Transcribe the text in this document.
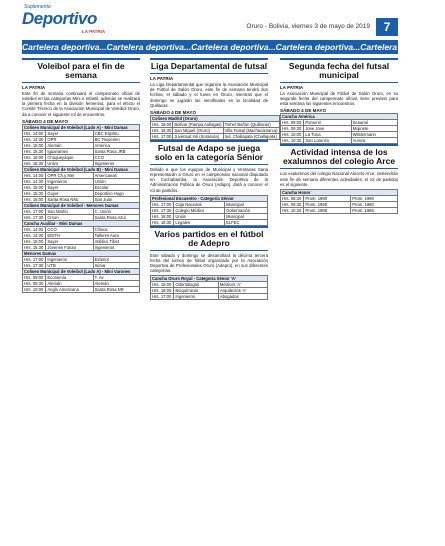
Suplemento
Deportivo
LA PATRIA
Oruro - Bolivia, viernes 3 de mayo de 2019	7
Cartelera deportiva...Cartelera deportiva...Cartelera deportiva...Cartelera deportiva...Cartelera deportiva...
Voleibol para el fin de semana
LA PATRIA
Este fin de semana continuará el campeonato oficial de voleibol en las categorías Mini e Infantil, además se realizará la primera fecha en la división femenina, para el efecto el Comité Técnico de la Asociación Municipal de Voleibol Oruro, da a conocer el siguiente rol de encuentros.
SÁBADO 4 DE MAYO
Coliseo Municipal de Voleibol (Lado A) - Mini Damas		
Hrs. 14:00	Sayer	CBC Espiritu
Hrs. 14:30	OPR	BC Teuvenen
Hrs. 15:00	Alemán	América
Hrs. 15:30	Iguanamex	Santa Rosa JRB
Hrs. 16:00	Choqueyaque	CCO
Hrs. 16:30	Univo	Ingenieros
Coliseo Municipal de Voleibol (Lado B) - Mini Damas		
Hrs. 14:00	OPR Ch.y Mer	Americanas
Hrs. 14:30	Ingenieros	Unión
Hrs. 15:00	Sayer	Escolar
Hrs. 15:30	Guyer	Deportivo Hugo
Hrs. 16:00	Santa Rosa NNL	San Juan
Coliseo Municipal de Voleibol - Menores Damas		
Hrs. 17:00	San Martín	C. Unión
Hrs. 17:30	Cmon	Santa Rosa Azul
Cancha Auxiliar - Mini Damas		
Hrs. 14:00	CCO	Clínica
Hrs. 14:30	EDITH	Talleres Aura
Hrs. 15:00	Sayer	Atlético Tíbet
Hrs. 15:30	Jóvenes Futuro	Ingenieros
Menores Damas		
Hrs. 17:00	Ingenieros	Exterior
Hrs. 17:30	UTB	Iniciar
Coliseo Municipal de Voleibol (Lado A) - Mini Varones		
Hrs. 09:00	Economía	T. Av
Hrs. 09:30	Alemán	Alemán
Hrs. 10:00	Anglo Americano	Santa Rosa NR
Liga Departamental de futsal
LA PATRIA
La Liga Departamental que organiza la Asociación Municipal de Fútbol de Salón Oruro, este fin de semana tendrá dos fechas, el sábado y el lunes en Oruro, mientras que el domingo se jugarán las semifinales en la localidad de Quillacas.
SÁBADO 4 DE MAYO
Coliseo Madrid (Oruro)		
Hrs. 16:00	Bolívar (Pampa Aullagas)	Torres Bañón (Quillacas)
Hrs. 16:30	San Miguel (Oruro)	Villa Futsal (Machacamarca)
Hrs. 17:00	Juventud Inti (Sorasora)	Ind. Challapata (Challapata)
Futsal de Adapo se juega solo en la categoría Sénior
Debido a que los equipos de Municipal y Ventanas Sana representarán a Oruro en el campeonato nacional disputado en Cochabamba, la Asociación Deportiva de la Administración Pública de Oruro (Adapo), dará a conocer el rol de partidos.
Profesional Encuentro - Categoría Sénior		
Hrs. 17:00	Caja Nacional	Municipal
Hrs. 17:30	Colegio Médico	Gobernación
Hrs. 18:00	Unión	Municipal
Hrs. 18:30	Legales	ELFEC
Varios partidos en el fútbol de Adepro
Este sábado y domingo se desarrollará la décima tercera fecha del torneo de fútbol organizado por la Asociación Deportiva de Profesionales Oruro (Adepro), en sus diferentes categorías.
Cancha Oruro Royal - Categoría Sénior 'A'		
Hrs. 15:00	Odontólogos	Médicos 'A'
Hrs. 16:00	Bioquímicos	Arquitectos 'A'
Hrs. 17:00	Ingenieros	Abogados
Segunda fecha del futsal municipal
LA PATRIA
La Asociación Municipal de Fútbol de Salón Oruro, en su segunda fecha del campeonato oficial, tiene previsto para esta semana los siguientes encuentros.
SÁBADO 4 DE MAYO
Cancha América		
Hrs. 09:00	Porvenir	Senamé
Hrs. 09:30	Jove Jove	Mojinete
Hrs. 10:00	La Tuna	Wilstermann
Hrs. 10:30	San Lorenzo	Aurora
Actividad intensa de los exalumnos del colegio Arce
Los exalumnos del colegio Nacional Aniceto Arce, sostendrán este fin de semana diferentes actividades, el rol de partidos es el siguiente.
Cancha Honor		
Hrs. 08:30	Prom. 1990	Prom. 1996
Hrs. 09:30	Prom. 1995	Prom. 1980
Hrs. 10:30	Prom. 1988	Prom. 1985
